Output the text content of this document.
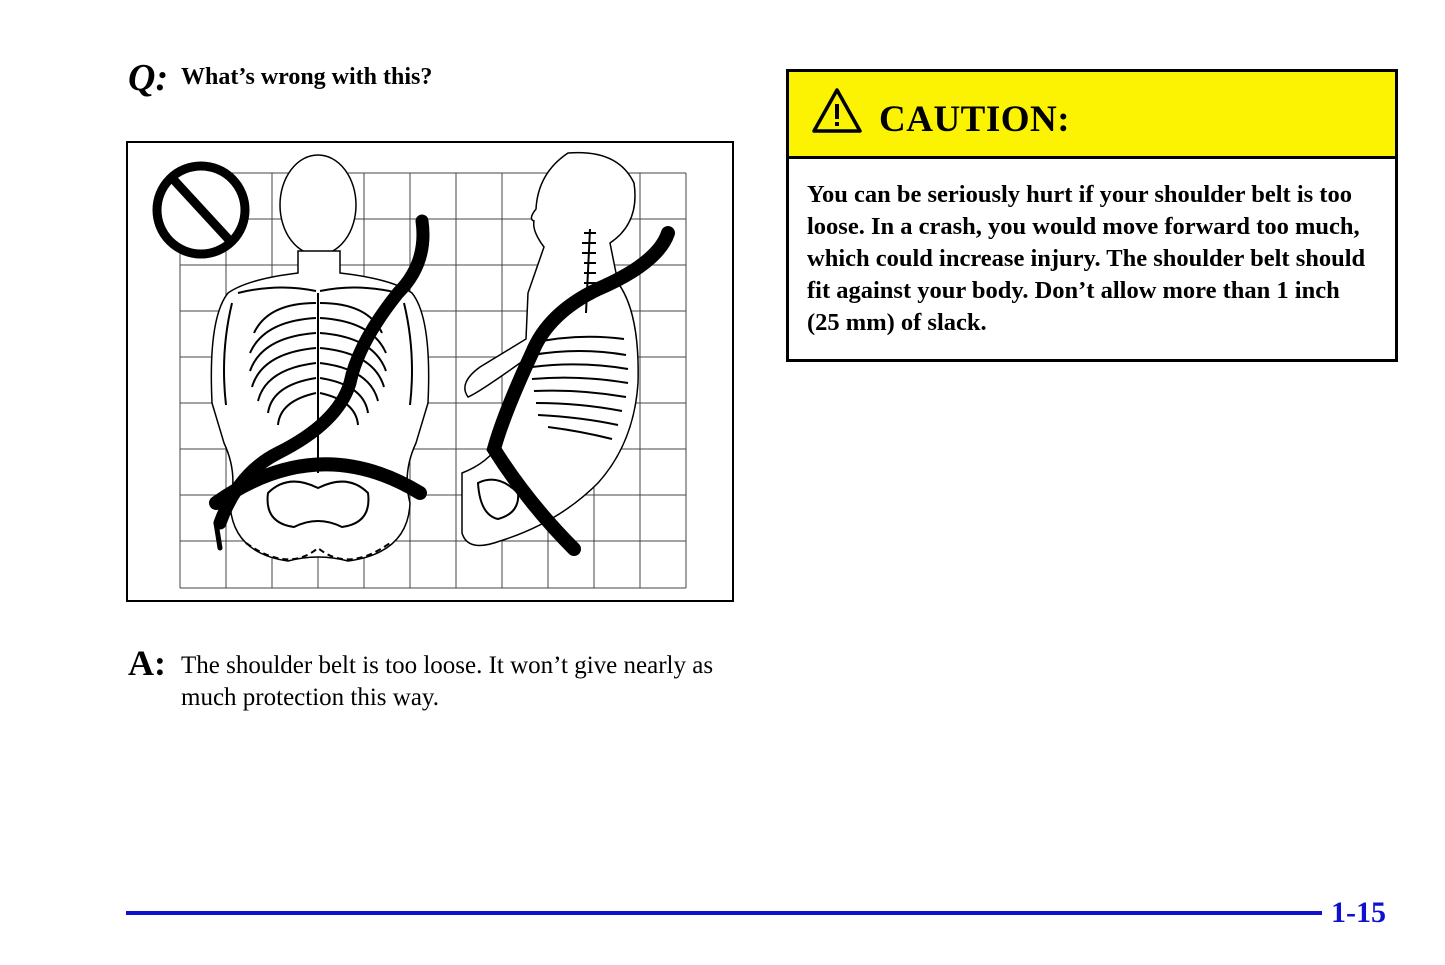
Q: What’s wrong with this?
A: The shoulder belt is too loose. It won’t give nearly as much protection this way.
CAUTION:
You can be seriously hurt if your shoulder belt is too loose. In a crash, you would move forward too much, which could increase injury. The shoulder belt should fit against your body. Don’t allow more than 1 inch (25 mm) of slack.
1-15
